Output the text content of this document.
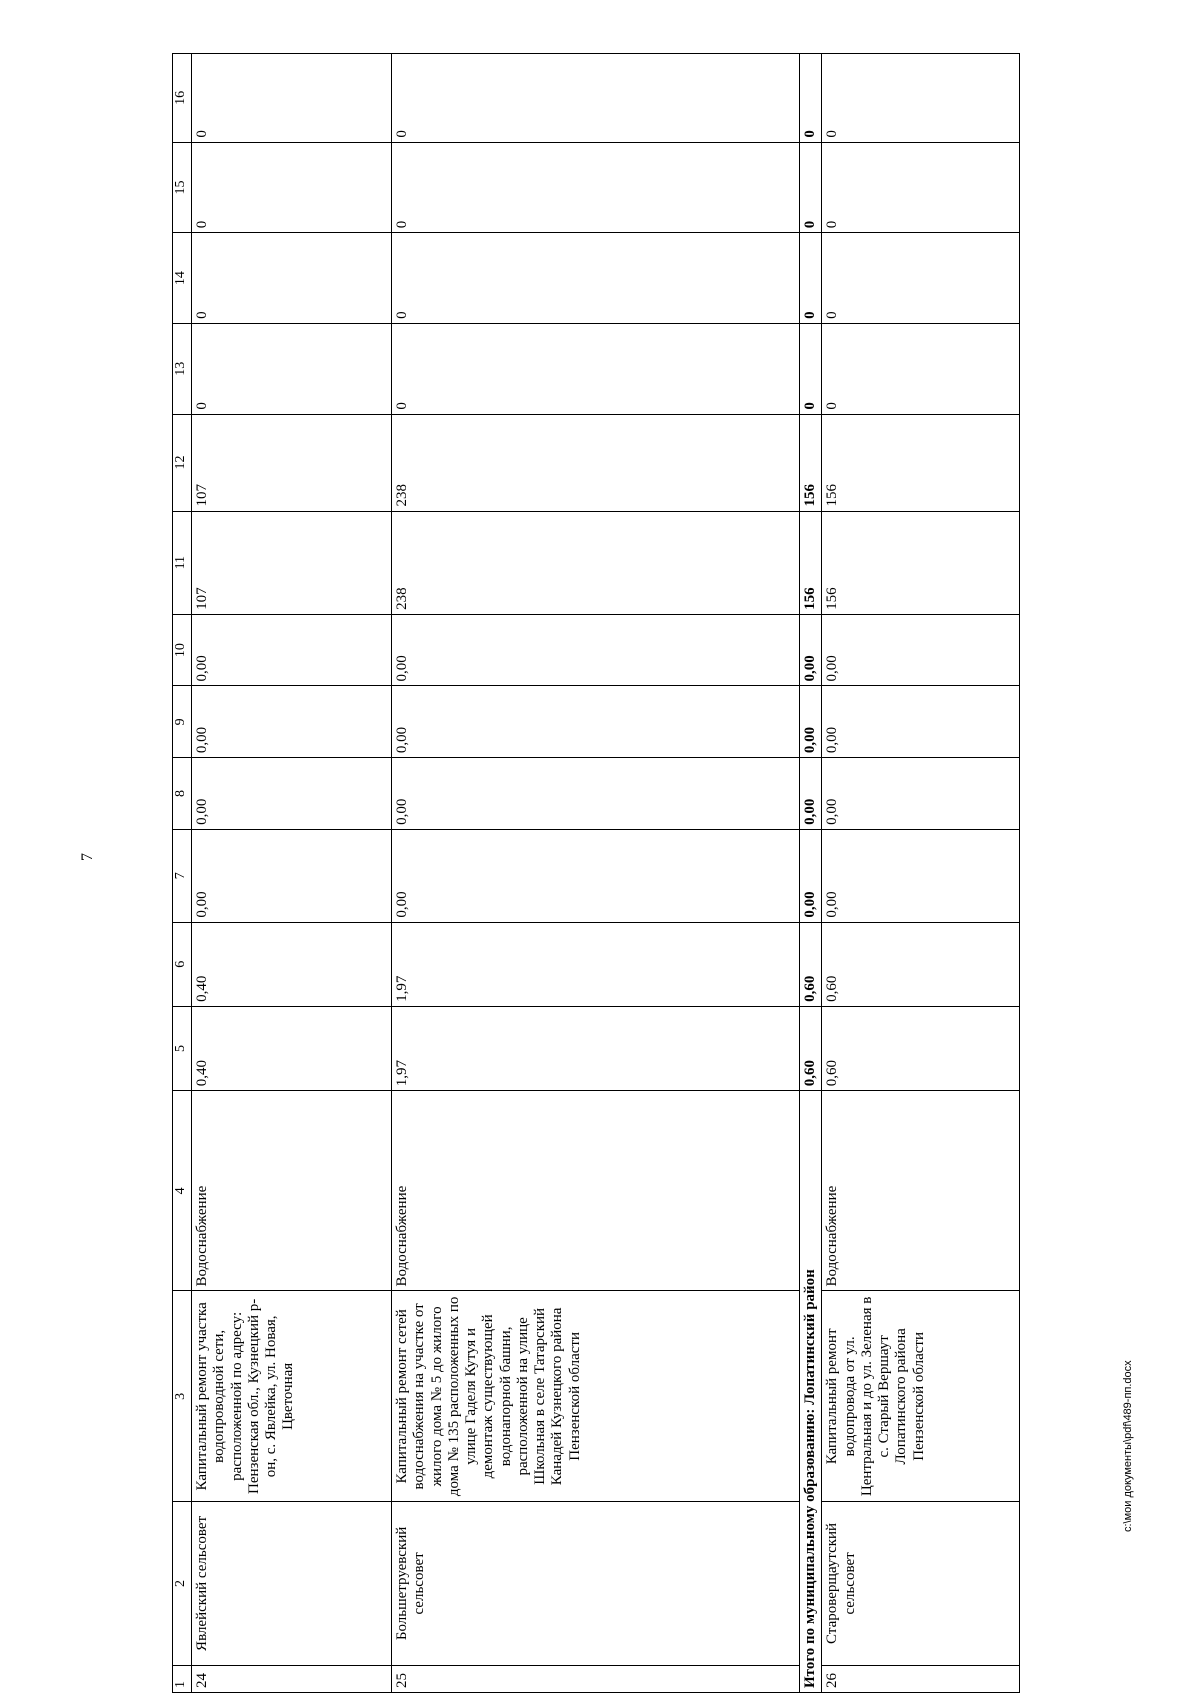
7
1	2	3	4	5	6	7	8	9	10	11	12	13	14	15	16
24	Явлейский сельсовет	Капитальный ремонт участка водопроводной сети, расположенной по адресу: Пензенская обл., Кузнецкий р-он, с. Явлейка, ул. Новая, Цветочная	Водоснабжение	0,40	0,40	0,00	0,00	0,00	0,00	107	107	0	0	0	0
25	Большетруевский сельсовет	Капитальный ремонт сетей водоснабжения на участке от жилого дома № 5 до жилого дома № 135 расположенных по улице Гаделя Кутуя и демонтаж существующей водонапорной башни, расположенной на улице Школьная в селе Татарский Канадей Кузнецкого района Пензенской области	Водоснабжение	1,97	1,97	0,00	0,00	0,00	0,00	238	238	0	0	0	0
Итого по муниципальному образованию: Лопатинский район				0,60	0,60	0,00	0,00	0,00	0,00	156	156	0	0	0	0
26	Староверщаутский сельсовет	Капитальный ремонт водопровода от ул. Центральная и до ул. Зеленая в с. Старый Вершаут Лопатинского района Пензенской области	Водоснабжение	0,60	0,60	0,00	0,00	0,00	0,00	156	156	0	0	0	0
c:\мои документы\pdf\489-пп.docx
